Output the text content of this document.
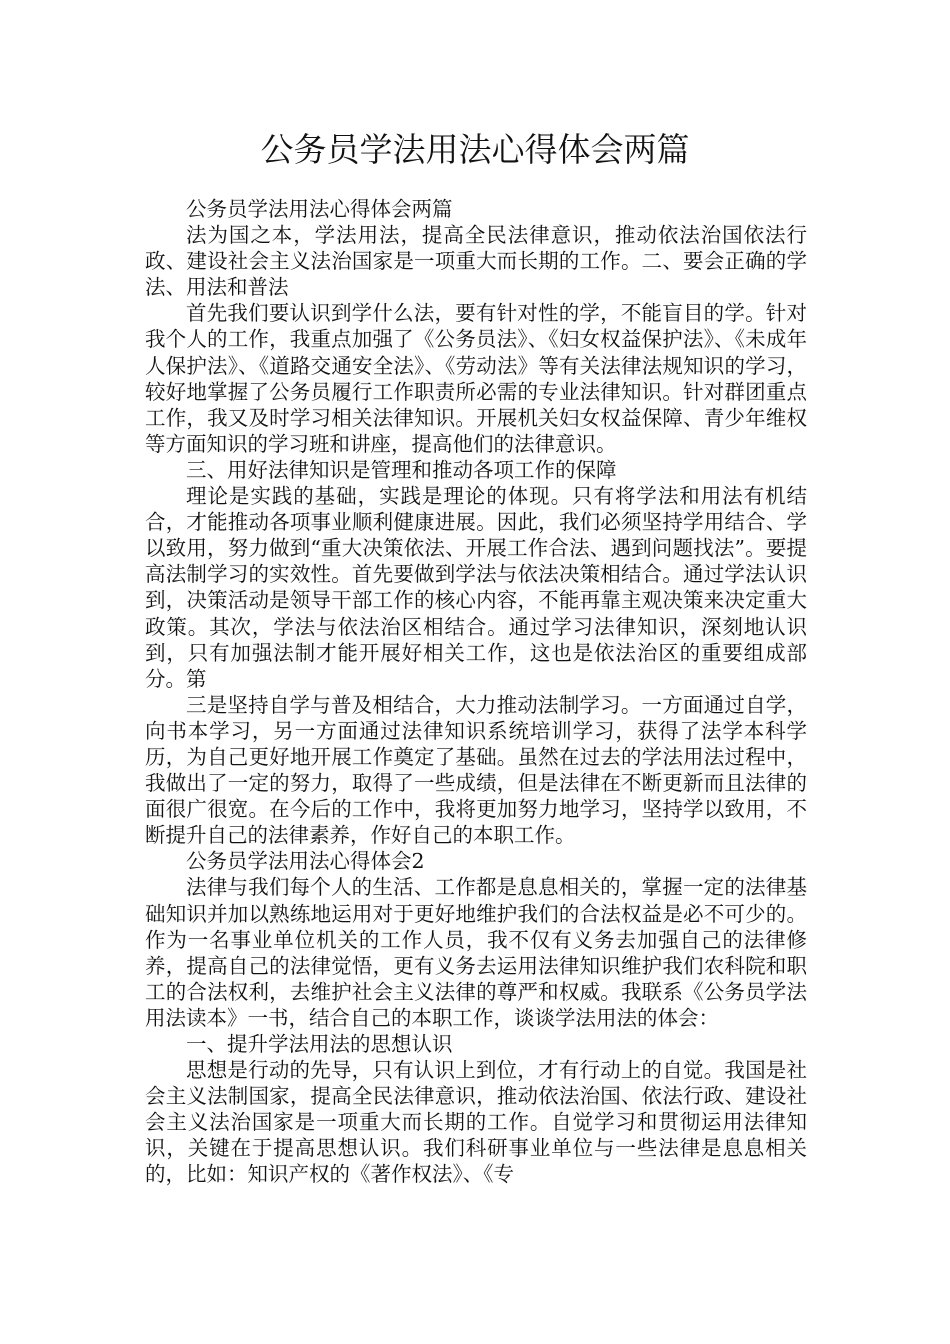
公务员学法用法心得体会两篇

公务员学法用法心得体会两篇

法为国之本，学法用法，提高全民法律意识，推动依法治国依法行政、建设社会主义法治国家是一项重大而长期的工作。二、要会正确的学法、用法和普法

首先我们要认识到学什么法，要有针对性的学，不能盲目的学。针对我个人的工作，我重点加强了《公务员法》、《妇女权益保护法》、《未成年人保护法》、《道路交通安全法》、《劳动法》等有关法律法规知识的学习，较好地掌握了公务员履行工作职责所必需的专业法律知识。针对群团重点工作，我又及时学习相关法律知识。开展机关妇女权益保障、青少年维权等方面知识的学习班和讲座，提高他们的法律意识。

三、用好法律知识是管理和推动各项工作的保障

理论是实践的基础，实践是理论的体现。只有将学法和用法有机结合，才能推动各项事业顺利健康进展。因此，我们必须坚持学用结合、学以致用，努力做到“重大决策依法、开展工作合法、遇到问题找法”。要提高法制学习的实效性。首先要做到学法与依法决策相结合。通过学法认识到，决策活动是领导干部工作的核心内容，不能再靠主观决策来决定重大政策。其次，学法与依法治区相结合。通过学习法律知识，深刻地认识到，只有加强法制才能开展好相关工作，这也是依法治区的重要组成部分。第

三是坚持自学与普及相结合，大力推动法制学习。一方面通过自学，向书本学习，另一方面通过法律知识系统培训学习，获得了法学本科学历，为自己更好地开展工作奠定了基础。虽然在过去的学法用法过程中，我做出了一定的努力，取得了一些成绩，但是法律在不断更新而且法律的面很广很宽。在今后的工作中，我将更加努力地学习，坚持学以致用，不断提升自己的法律素养，作好自己的本职工作。

公务员学法用法心得体会2

法律与我们每个人的生活、工作都是息息相关的，掌握一定的法律基础知识并加以熟练地运用对于更好地维护我们的合法权益是必不可少的。作为一名事业单位机关的工作人员，我不仅有义务去加强自己的法律修养，提高自己的法律觉悟，更有义务去运用法律知识维护我们农科院和职工的合法权利，去维护社会主义法律的尊严和权威。我联系《公务员学法用法读本》一书，结合自己的本职工作，谈谈学法用法的体会：

一、提升学法用法的思想认识

思想是行动的先导，只有认识上到位，才有行动上的自觉。我国是社会主义法制国家，提高全民法律意识，推动依法治国、依法行政、建设社会主义法治国家是一项重大而长期的工作。自觉学习和贯彻运用法律知识，关键在于提高思想认识。我们科研事业单位与一些法律是息息相关的，比如：知识产权的《著作权法》、《专
